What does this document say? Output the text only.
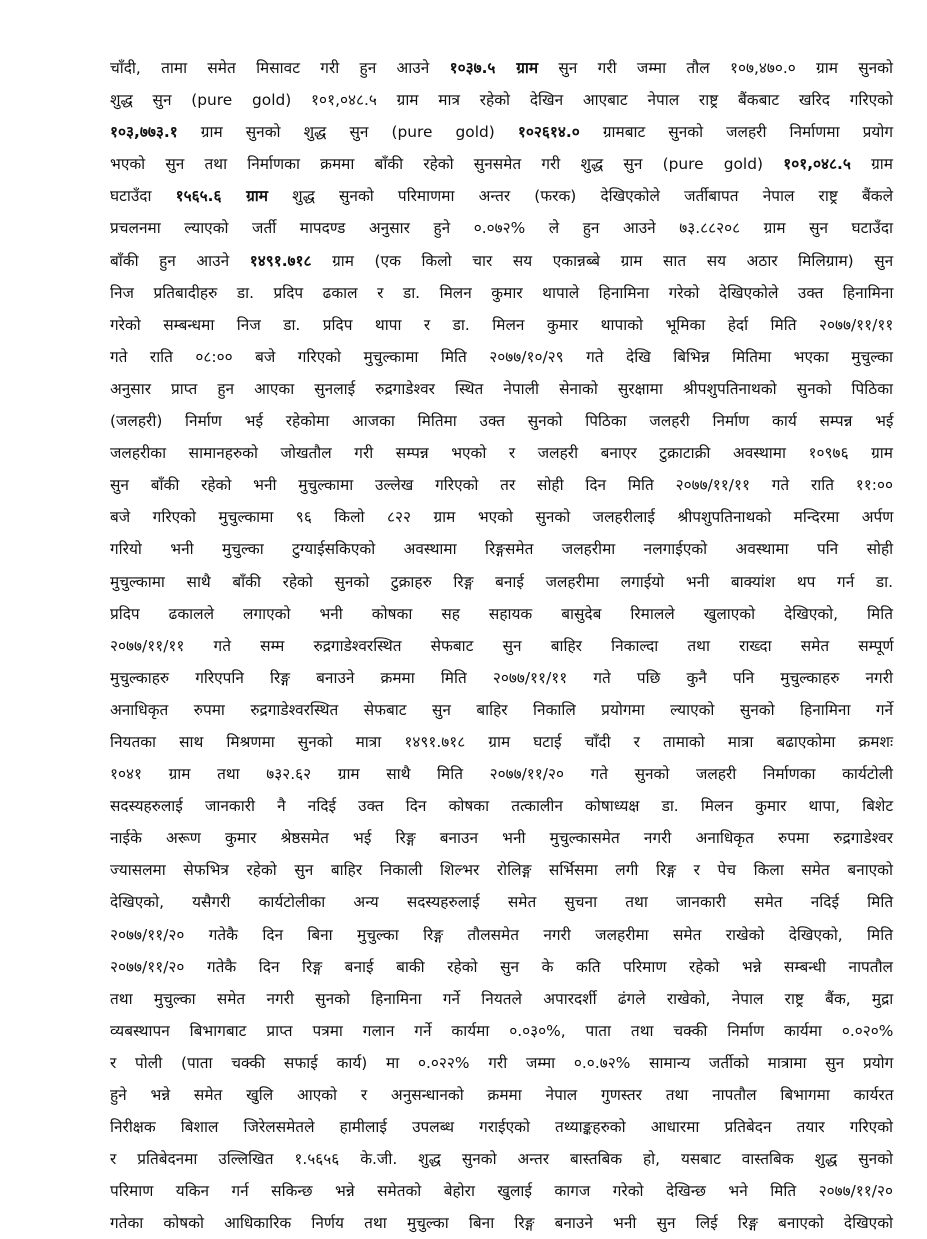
चाँदी, तामा समेत मिसावट गरी हुन आउने १०३७.५ ग्राम सुन गरी जम्मा तौल १०७,४७०.० ग्राम सुनको
शुद्ध सुन (pure gold) १०१,०४८.५ ग्राम मात्र रहेको देखिन आएबाट नेपाल राष्ट्र बैंकबाट खरिद गरिएको
१०३,७७३.१ ग्राम सुनको शुद्ध सुन (pure gold) १०२६१४.० ग्रामबाट सुनको जलहरी निर्माणमा प्रयोग
भएको सुन तथा निर्माणका क्रममा बाँकी रहेको सुनसमेत गरी शुद्ध सुन (pure gold) १०१,०४८.५ ग्राम
घटाउँदा १५६५.६ ग्राम शुद्ध सुनको परिमाणमा अन्तर (फरक) देखिएकोले जर्तीबापत नेपाल राष्ट्र बैंकले
प्रचलनमा ल्याएको जर्ती मापदण्ड अनुसार हुने ०.०७२% ले हुन आउने ७३.८८२०८ ग्राम सुन घटाउँदा
बाँकी हुन आउने १४९१.७१८ ग्राम (एक किलो चार सय एकान्नब्बे ग्राम सात सय अठार मिलिग्राम) सुन
निज प्रतिबादीहरु डा. प्रदिप ढकाल र डा. मिलन कुमार थापाले हिनामिना गरेको देखिएकोले उक्त हिनामिना
गरेको सम्बन्धमा निज डा. प्रदिप थापा र डा. मिलन कुमार थापाको भूमिका हेर्दा मिति २०७७/११/११
गते राति ०८:०० बजे गरिएको मुचुल्कामा मिति २०७७/१०/२९ गते देखि बिभिन्न मितिमा भएका मुचुल्का
अनुसार प्राप्त हुन आएका सुनलाई रुद्रगाडेश्वर स्थित नेपाली सेनाको सुरक्षामा श्रीपशुपतिनाथको सुनको पिठिका
(जलहरी) निर्माण भई रहेकोमा आजका मितिमा उक्त सुनको पिठिका जलहरी निर्माण कार्य सम्पन्न भई
जलहरीका सामानहरुको जोखतौल गरी सम्पन्न भएको र जलहरी बनाएर टुक्राटाक्री अवस्थामा १०९७६ ग्राम
सुन बाँकी रहेको भनी मुचुल्कामा उल्लेख गरिएको तर सोही दिन मिति २०७७/११/११ गते राति ११:००
बजे गरिएको मुचुल्कामा ९६ किलो ८२२ ग्राम भएको सुनको जलहरीलाई श्रीपशुपतिनाथको मन्दिरमा अर्पण
गरियो भनी मुचुल्का टुग्याईसकिएको अवस्थामा रिङ्गसमेत जलहरीमा नलगाईएको अवस्थामा पनि सोही
मुचुल्कामा साथै बाँकी रहेको सुनको टुक्राहरु रिङ्ग बनाई जलहरीमा लगाईयो भनी बाक्यांश थप गर्न डा.
प्रदिप ढकालले लगाएको भनी कोषका सह सहायक बासुदेब रिमालले खुलाएको देखिएको, मिति
२०७७/११/११ गते सम्म रुद्रगाडेश्वरस्थित सेफबाट सुन बाहिर निकाल्दा तथा राख्दा समेत सम्पूर्ण
मुचुल्काहरु गरिएपनि रिङ्ग बनाउने क्रममा मिति २०७७/११/११ गते पछि कुनै पनि मुचुल्काहरु नगरी
अनाधिकृत रुपमा रुद्रगाडेश्वरस्थित सेफबाट सुन बाहिर निकालि प्रयोगमा ल्याएको सुनको हिनामिना गर्ने
नियतका साथ मिश्रणमा सुनको मात्रा १४९१.७१८ ग्राम घटाई चाँदी र तामाको मात्रा बढाएकोमा क्रमशः
१०४१ ग्राम तथा ७३२.६२ ग्राम साथै मिति २०७७/११/२० गते सुनको जलहरी निर्माणका कार्यटोली
सदस्यहरुलाई जानकारी नै नदिई उक्त दिन कोषका तत्कालीन कोषाध्यक्ष डा. मिलन कुमार थापा, बिशेट
नाईके अरूण कुमार श्रेष्ठसमेत भई रिङ्ग बनाउन भनी मुचुल्कासमेत नगरी अनाधिकृत रुपमा रुद्रगाडेश्वर
ज्यासलमा सेफभित्र रहेको सुन बाहिर निकाली शिल्भर रोलिङ्ग सर्भिसमा लगी रिङ्ग र पेच किला समेत बनाएको
देखिएको, यसैगरी कार्यटोलीका अन्य सदस्यहरुलाई समेत सुचना तथा जानकारी समेत नदिई मिति
२०७७/११/२० गतेकै दिन बिना मुचुल्का रिङ्ग तौलसमेत नगरी जलहरीमा समेत राखेको देखिएको, मिति
२०७७/११/२० गतेकै दिन रिङ्ग बनाई बाकी रहेको सुन के कति परिमाण रहेको भन्ने सम्बन्धी नापतौल
तथा मुचुल्का समेत नगरी सुनको हिनामिना गर्ने नियतले अपारदर्शी ढंगले राखेको, नेपाल राष्ट्र बैंक, मुद्रा
व्यबस्थापन बिभागबाट प्राप्त पत्रमा गलान गर्ने कार्यमा ०.०३०%, पाता तथा चक्की निर्माण कार्यमा ०.०२०%
र पोली (पाता चक्की सफाई कार्य) मा ०.०२२% गरी जम्मा ०.०.७२% सामान्य जर्तीको मात्रामा सुन प्रयोग
हुने भन्ने समेत खुलि आएको र अनुसन्धानको क्रममा नेपाल गुणस्तर तथा नापतौल बिभागमा कार्यरत
निरीक्षक बिशाल जिरेलसमेतले हामीलाई उपलब्ध गराईएको तथ्याङ्कहरुको आधारमा प्रतिबेदन तयार गरिएको
र प्रतिबेदनमा उल्लिखित १.५६५६ के.जी. शुद्ध सुनको अन्तर बास्तबिक हो, यसबाट वास्तबिक शुद्ध सुनको
परिमाण यकिन गर्न सकिन्छ भन्ने समेतको बेहोरा खुलाई कागज गरेको देखिन्छ भने मिति २०७७/११/२०
गतेका कोषको आधिकारिक निर्णय तथा मुचुल्का बिना रिङ्ग बनाउने भनी सुन लिई रिङ्ग बनाएको देखिएको
